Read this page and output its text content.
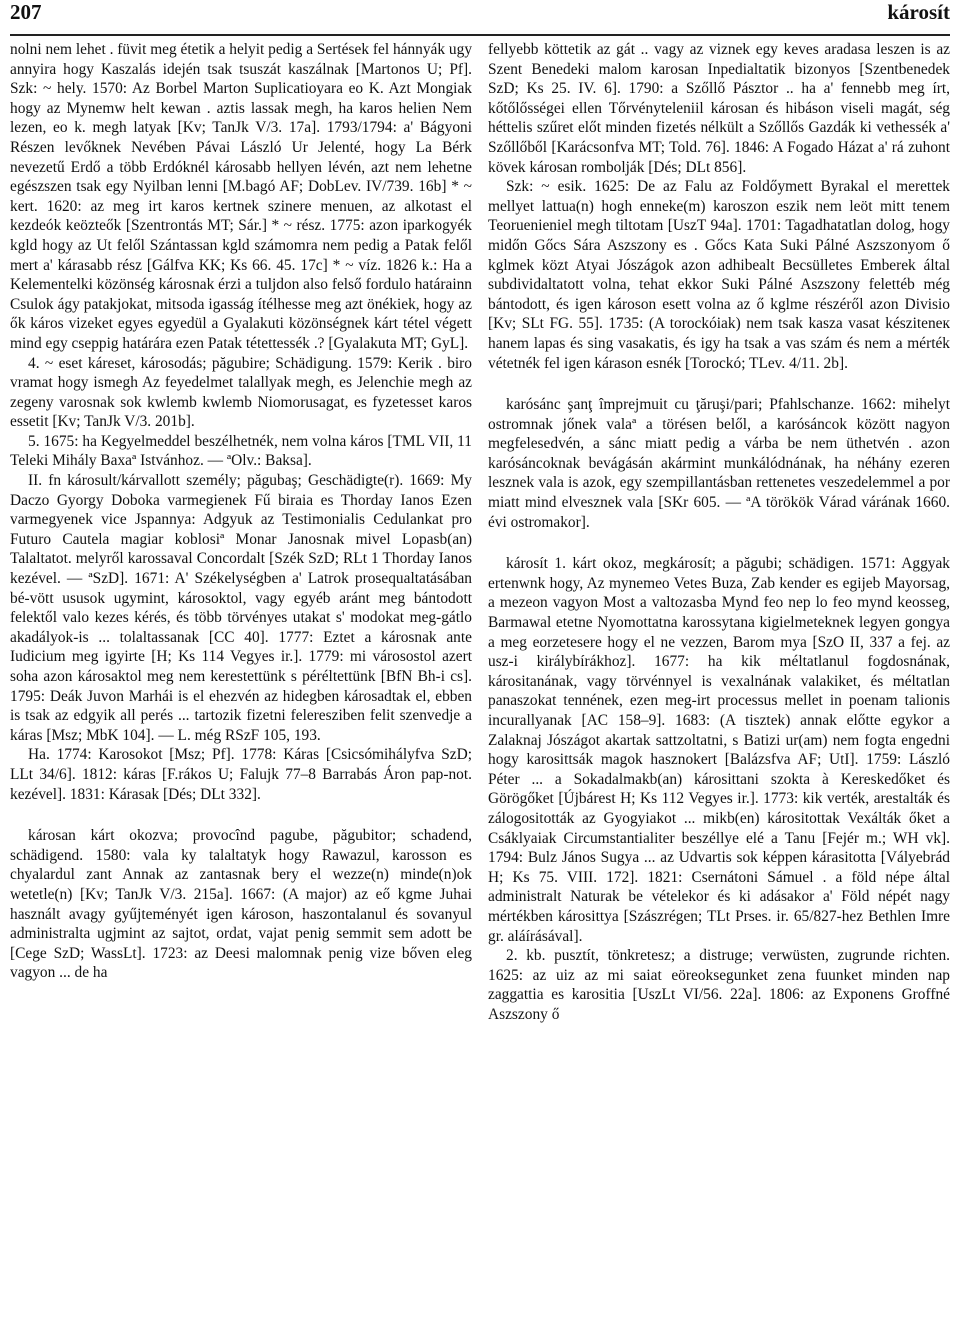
207	károsít

nolni nem lehet . füvit meg étetik a helyit pedig a Sertések fel hánnyák ugy annyira hogy Kaszalás idején tsak tsuszát kaszálnak [Martonos U; Pf]. Szk: ~ hely. 1570: Az Borbel Marton Suplicatioyara eo K. Azt Mongiak hogy az Mynemw helt kewan . aztis lassak megh, ha karos helien Nem lezen, eo k. megh latyak [Kv; TanJk V/3. 17a]. 1793/1794: a' Bágyoni Részen levőknek Nevében Pávai László Ur Jelenté, hogy La Bérk nevezetű Erdő a több Erdóknél károsabb hellyen lévén, azt nem lehetne egészszen tsak egy Nyilban lenni [M.bagó AF; DobLev. IV/739. 16b] * ~ kert. 1620: az meg irt karos kertnek szinere menuen, az alkotast el kezdeók keözteők [Szentrontás MT; Sár.] * ~ rész. 1775: azon iparkogyék kgld hogy az Ut felől Szántassan kgld számomra nem pedig a Patak felől mert a' kárasabb rész [Gálfva KK; Ks 66. 45. 17c] * ~ víz. 1826 k.: Ha a Kelementelki közönség károsnak érzi a tuljdon also felső fordulo határainn Csulok ágy patakjokat, mitsoda igasság ítélhesse meg azt önékiek, hogy az ők káros vizeket egyes egyedül a Gyalakuti közönségnek kárt tétel végett mind egy cseppig határára ezen Patak tétettessék .? [Gyalakuta MT; GyL].

4. ~ eset káreset, károsodás; păgubire; Schädigung. 1579: Kerik . biro vramat hogy ismegh Az feyedelmet talallyak megh, es Jelenchie megh az zegeny varosnak sok kwlemb kwlemb Niomorusagat, es fyzetesset karos essetit [Kv; TanJk V/3. 201b].

5. 1675: ha Kegyelmeddel beszélhetnék, nem volna káros [TML VII, 11 Teleki Mihály Baxaª Istvánhoz. — ªOlv.: Baksa].

II. fn károsult/kárvallott személy; păgubaş; Geschädigte(r). 1669: My Daczo Gyorgy Doboka varmegienek Fű biraia es Thorday Ianos Ezen varmegyenek vice Jspannya: Adgyuk az Testimonialis Cedulankat pro Futuro Cautela magiar koblosiª Monar Janosnak mivel Lopasb(an) Talaltatot. melyről karossaval Concordalt [Szék SzD; RLt 1 Thorday Ianos kezével. — ªSzD]. 1671: A' Székelységben a' Latrok prosequaltatásában bé-vött ususok ugymint, károsoktol, vagy egyéb aránt meg bántodott felektől valo kezes kérés, és több törvényes utakat s' modokat meg-gátlo akadályok-is ... tolaltassanak [CC 40]. 1777: Eztet a károsnak ante Iudicium meg igyirte [H; Ks 114 Vegyes ir.]. 1779: mi városostol azert soha azon károsaktol meg nem kerestettünk s péréltettünk [BfN Bh-i cs]. 1795: Deák Juvon Marhái is el ehezvén az hidegben károsadtak el, ebben is tsak az edgyik all perés ... tartozik fizetni feleresziben felit szenvedje a káras [Msz; MbK 104]. — L. még RSzF 105, 193.

Ha. 1774: Karosokot [Msz; Pf]. 1778: Káras [Csicsómihályfva SzD; LLt 34/6]. 1812: káras [F.rákos U; Falujk 77–8 Barrabás Áron pap-not. kezével]. 1831: Kárasak [Dés; DLt 332].

károsan kárt okozva; provocînd pagube, păgubitor; schadend, schädigend. 1580: vala ky talaltatyk hogy Rawazul, karosson es chyalardul zant Annak az zantasnak bery el wezze(n) minde(n)ok wetetle(n) [Kv; TanJk V/3. 215a]. 1667: (A major) az eő kgme Juhai használt avagy gyűjteményét igen károson, haszontalanul és sovanyul administralta ugjmint az sajtot, ordat, vajat penig semmit sem adott be [Cege SzD; WassLt]. 1723: az Deesi malomnak penig vize bőven eleg vagyon ... de ha

fellyebb köttetik az gát .. vagy az viznek egy keves aradasa leszen is az Szent Benedeki malom karosan Inpedialtatik bizonyos [Szentbenedek SzD; Ks 25. IV. 6]. 1790: a Szőllő Pásztor .. ha a' fennebb meg írt, kőtőlősségei ellen Tőrvényteleniil károsan és hibáson viseli magát, ség héttelis szűret előt minden fizetés nélkült a Szőllős Gazdák ki vethessék a' Szőllőből [Karácsonfva MT; Told. 76]. 1846: A Fogado Házat a' rá zuhont kövek károsan rombolják [Dés; DLt 856].

Szk: ~ esik. 1625: De az Falu az Foldőymett Byrakal el merettek mellyet lattua(n) hogh enneke(m) karoszon eszik nem leöt mitt tenem Teoruenieniel megh tiltotam [UszT 94a]. 1701: Tagadhatatlan dolog, hogy midőn Gőcs Sára Aszszony es . Gőcs Kata Suki Pálné Aszszonyom ő kglmek közt Atyai Jószágok azon adhibealt Becsülletes Emberek által subdividaltatott volna, tehat ekkor Suki Pálné Aszszony felettéb még bántodott, és igen károson esett volna az ő kglme részéről azon Divisio [Kv; SLt FG. 55]. 1735: (A torockóiak) nem tsak kasza vasat késziteneк hanem lapas és sing vasakatis, és igy ha tsak a vas szám és nem a mérték vétetnék fel igen kárason esnék [Torockó; TLev. 4/11. 2b].

karósánc şanţ împrejmuit cu ţăruşi/pari; Pfahlschanze. 1662: mihelyt ostromnak jőnek valaª a törésen belől, a karósáncok között nagyon megfelesedvén, a sánc miatt pedig a várba be nem üthetvén . azon karósáncoknak bevágásán akármint munkálódnának, ha néhány ezeren lesznek vala is azok, egy szempillantásban rettenetes veszedelemmel a por miatt mind elvesznek vala [SKr 605. — ªA törökök Várad várának 1660. évi ostromakor].

károsít 1. kárt okoz, megkárosít; a păgubi; schädigen. 1571: Aggyak ertenwnk hogy, Az mynemeo Vetes Buza, Zab kender es egijeb Mayorsag, a mezeon vagyon Most a valtozasba Mynd feo nep lo feo mynd keosseg, Barmawal etetne Nyomottatna karossytana kigielmeteknek legyen gongya a meg eorzetesere hogy el ne vezzen, Barom mya [SzO II, 337 a fej. az usz-i királybírákhoz]. 1677: ha kik méltatlanul fogdosnának, kárositanának, vagy törvénnyel is vexalnának valakiket, és méltatlan panaszokat tennének, ezen meg-irt processus mellet in poenam talionis incurallyanak [AC 158–9]. 1683: (A tisztek) annak előtte egykor a Zalaknaj Jószágot akartak sattzoltatni, s Batizi ur(am) nem fogta engedni hogy karosittsák magok hasznokert [Balázsfva AF; UtI]. 1759: László Péter ... a Sokadalmakb(an) károsittani szokta à Kereskedőket és Görögőket [Újbárest H; Ks 112 Vegyes ir.]. 1773: kik verték, arestalták és zálogositották az Gyogyiakot ... mikb(en) kárositottak Vexálták őket a Csáklyaiak Circumstantialiter beszéllye elé a Tanu [Fejér m.; WH vk]. 1794: Bulz János Sugya ... az Udvartis sok képpen kárasitotta [Vályebrád H; Ks 75. VIII. 172]. 1821: Csernátoni Sámuel . a föld népe által administralt Naturak be vételekor és ki adásakor a' Föld népét nagy mértékben károsittya [Szászrégen; TLt Prses. ir. 65/827-hez Bethlen Imre gr. aláírásával].

2. kb. pusztít, tönkretesz; a distruge; verwüsten, zugrunde richten. 1625: az uiz az mi saiat eöreoksegunket zena fuunket minden nap zaggattia es karositia [UszLt VI/56. 22a]. 1806: az Exponens Groffné Aszszony ő
